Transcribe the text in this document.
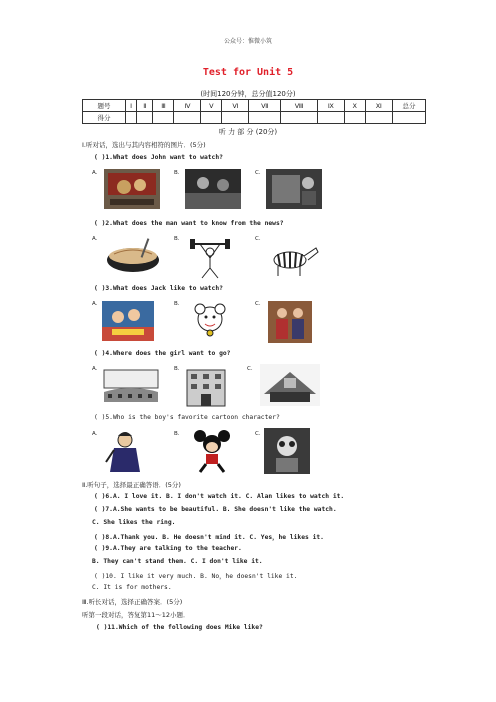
公众号：惟微小筑
Test for Unit 5
(时间120分钟，总分值120分)
题号	Ⅰ	Ⅱ	Ⅲ	Ⅳ	Ⅴ	Ⅵ	Ⅶ	Ⅷ	Ⅸ	Ⅹ	Ⅺ	总分
得分												
听 力 部 分 (20分)
Ⅰ.听对话，选出与其内容相符的图片．(5分)
( )1.What does John want to watch?
A.	B.	C.
( )2.What does the man want to know from the news?
A.	B.	C.
( )3.What does Jack like to watch?
A.	B.	C.
( )4.Where does the girl want to go?
A.	B.	C.
( )5.Who is the boy's favorite cartoon character?
A.	B.	C.
Ⅱ.听句子，选择最正确答语．(5分)
( )6.A. I love it. B. I don't watch it. C. Alan likes to watch it.
( )7.A.She wants to be beautiful. B. She doesn't like the watch.
C. She likes the ring.
( )8.A.Thank you. B. He doesn't mind it. C. Yes，he likes it.
( )9.A.They are talking to the teacher.
B. They can't stand them. C. I don't like it.
( )10. I like it very much. B. No，he doesn't like it.
C. It is for mothers.
Ⅲ.听长对话，选择正确答案．(5分)
听第一段对话，答复第11～12小题．
( )11.Which of the following does Mike like?
